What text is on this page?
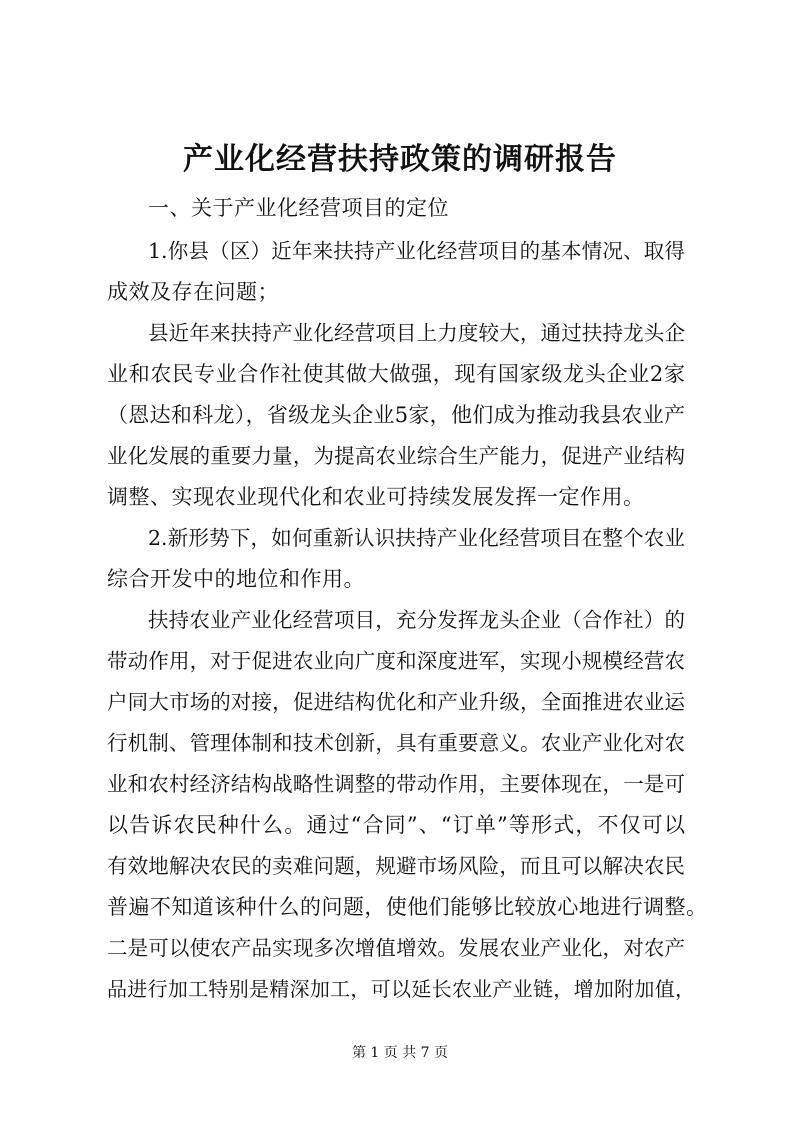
产业化经营扶持政策的调研报告
一、关于产业化经营项目的定位
1.你县（区）近年来扶持产业化经营项目的基本情况、取得
成效及存在问题；
县近年来扶持产业化经营项目上力度较大，通过扶持龙头企
业和农民专业合作社使其做大做强，现有国家级龙头企业2家
（恩达和科龙），省级龙头企业5家，他们成为推动我县农业产
业化发展的重要力量，为提高农业综合生产能力，促进产业结构
调整、实现农业现代化和农业可持续发展发挥一定作用。
2.新形势下，如何重新认识扶持产业化经营项目在整个农业
综合开发中的地位和作用。
扶持农业产业化经营项目，充分发挥龙头企业（合作社）的
带动作用，对于促进农业向广度和深度进军，实现小规模经营农
户同大市场的对接，促进结构优化和产业升级，全面推进农业运
行机制、管理体制和技术创新，具有重要意义。农业产业化对农
业和农村经济结构战略性调整的带动作用，主要体现在，一是可
以告诉农民种什么。通过“合同”、“订单”等形式，不仅可以
有效地解决农民的卖难问题，规避市场风险，而且可以解决农民
普遍不知道该种什么的问题，使他们能够比较放心地进行调整。
二是可以使农产品实现多次增值增效。发展农业产业化，对农产
品进行加工特别是精深加工，可以延长农业产业链，增加附加值，
第 1 页 共 7 页
